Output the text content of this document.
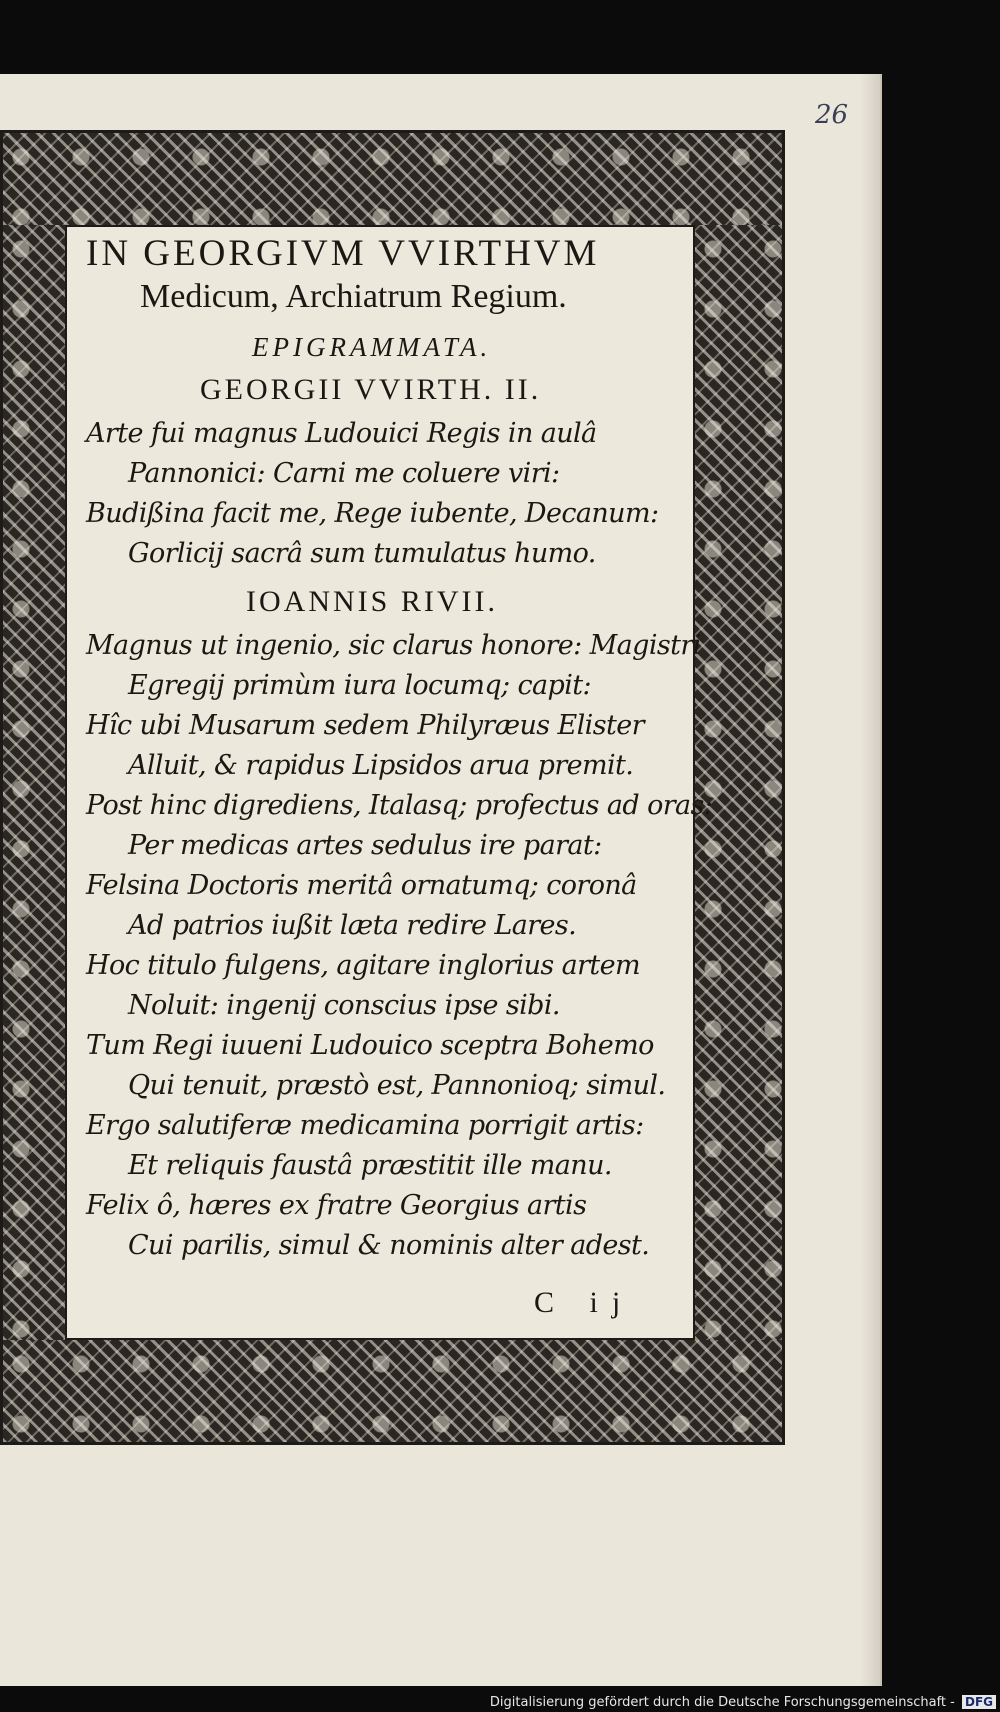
26
IN GEORGIVM VVIRTHVM
Medicum, Archiatrum Regium.
EPIGRAMMATA.
GEORGII VVIRTH. II.
Arte fui magnus Ludouici Regis in aulâ
Pannonici: Carni me coluere viri:
Budißina facit me, Rege iubente, Decanum:
Gorlicij sacrâ sum tumulatus humo.
IOANNIS RIVII.
Magnus ut ingenio, sic clarus honore: Magistri
Egregij primùm iura locumq; capit:
Hîc ubi Musarum sedem Philyræus Elister
Alluit, & rapidus Lipsidos arua premit.
Post hinc digrediens, Italasq; profectus ad oras:
Per medicas artes sedulus ire parat:
Felsina Doctoris meritâ ornatumq; coronâ
Ad patrios iußit læta redire Lares.
Hoc titulo fulgens, agitare inglorius artem
Noluit: ingenij conscius ipse sibi.
Tum Regi iuueni Ludouico sceptra Bohemo
Qui tenuit, præstò est, Pannonioq; simul.
Ergo salutiferæ medicamina porrigit artis:
Et reliquis faustâ præstitit ille manu.
Felix ô, hæres ex fratre Georgius artis
Cui parilis, simul & nominis alter adest.
C ij
Digitalisierung gefördert durch die Deutsche Forschungsgemeinschaft - DFG
